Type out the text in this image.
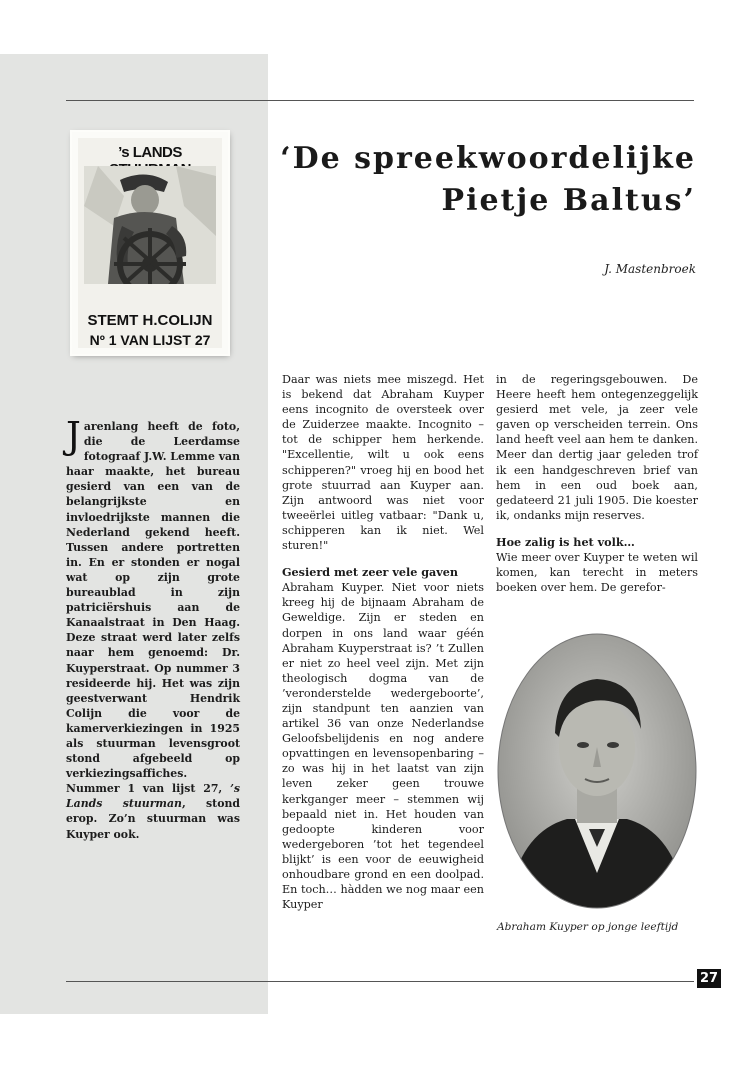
’s LANDS
STEMT H.COLIJN
Nº 1 VAN LIJST 27
‘De spreekwoordelijke
Pietje Baltus’
J. Mastenbroek
Jarenlang heeft de foto, die de Leerdamse fotograaf J.W. Lemme van haar maakte, het bureau gesierd van een van de belangrijkste en invloedrijkste mannen die Nederland gekend heeft. Tussen andere portretten in. En er stonden er nogal wat op zijn grote bureaublad in zijn patriciërshuis aan de Kanaalstraat in Den Haag. Deze straat werd later zelfs naar hem genoemd: Dr. Kuyperstraat. Op nummer 3 resideerde hij. Het was zijn geestverwant Hendrik Colijn die voor de kamerverkiezingen in 1925 als stuurman levensgroot stond afgebeeld op verkiezingsaffiches. Nummer 1 van lijst 27, ’s Lands stuurman, stond erop. Zo’n stuurman was Kuyper ook.

Daar was niets mee miszegd. Het is bekend dat Abraham Kuyper eens incognito de oversteek over de Zuiderzee maakte. Incognito – tot de schipper hem herkende. "Excellentie, wilt u ook eens schipperen?" vroeg hij en bood het grote stuurrad aan Kuyper aan. Zijn antwoord was niet voor tweeërlei uitleg vatbaar: "Dank u, schipperen kan ik niet. Wel sturen!"

Gesierd met zeer vele gaven

Abraham Kuyper. Niet voor niets kreeg hij de bijnaam Abraham de Geweldige. Zijn er steden en dorpen in ons land waar géén Abraham Kuyperstraat is? ’t Zullen er niet zo heel veel zijn. Met zijn theologisch dogma van de ’veronderstelde wedergeboorte’, zijn standpunt ten aanzien van artikel 36 van onze Nederlandse Geloofsbelijdenis en nog andere opvattingen en levensopenbaring – zo was hij in het laatst van zijn leven zeker geen trouwe kerkganger meer – stemmen wij bepaald niet in. Het houden van gedoopte kinderen voor wedergeboren ’tot het tegendeel blijkt’ is een voor de eeuwigheid onhoudbare grond en een doolpad. En toch… hàdden we nog maar een Kuyper

in de regeringsgebouwen. De Heere heeft hem ontegenzeggelijk gesierd met vele, ja zeer vele gaven op verscheiden terrein. Ons land heeft veel aan hem te danken. Meer dan dertig jaar geleden trof ik een handgeschreven brief van hem in een oud boek aan, gedateerd 21 juli 1905. Die koester ik, ondanks mijn reserves.

Hoe zalig is het volk…

Wie meer over Kuyper te weten wil komen, kan terecht in meters boeken over hem. De gerefor-

Abraham Kuyper op jonge leeftijd
27
